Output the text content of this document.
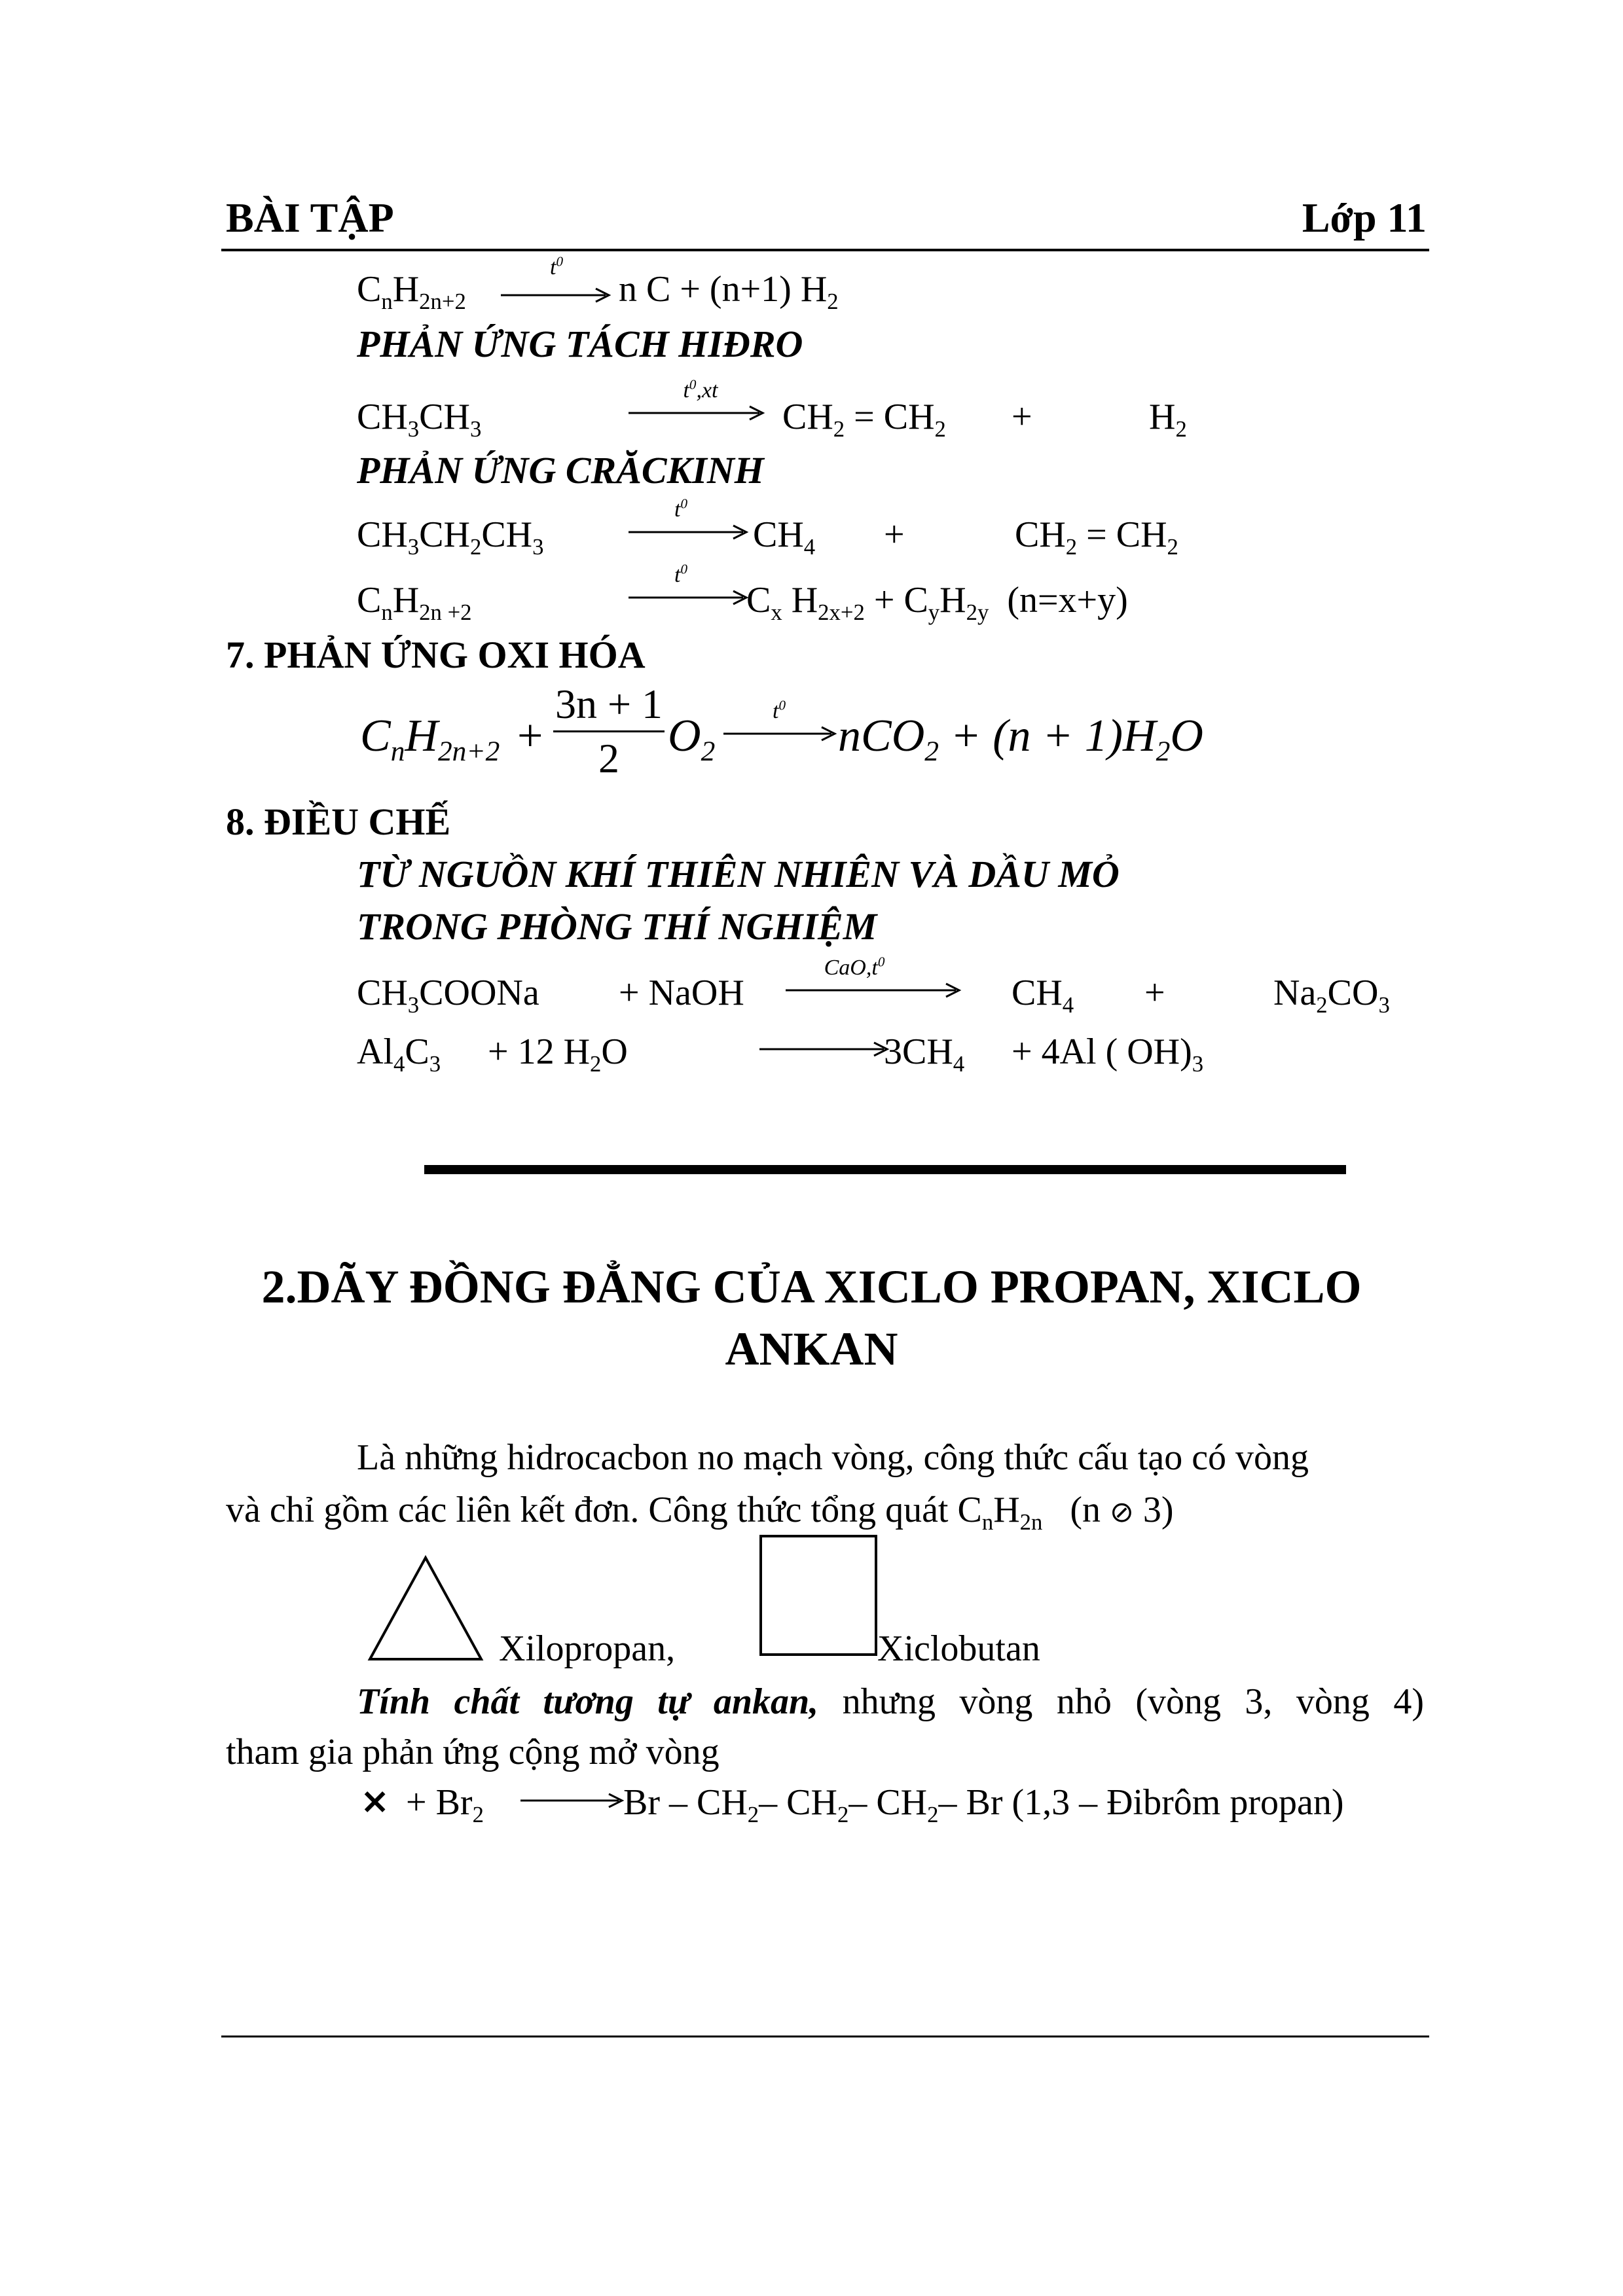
BÀI TẬP	Lớp 11
$C_nH_{2n+2}$
$t^0$
n C + (n+1) $H_2$
PHẢN ỨNG TÁCH HIĐRO
$CH_3CH_3$
$t^0,xt$
$CH_2 = CH_2$ +	$H_2$
PHẢN ỨNG CRĂCKINH
$CH_3CH_2CH_3$
$t^0$
$CH_4$ +	$CH_2 = CH_2$
$C_nH_{2n +2}$
$t^0$
$C_x$ $H_{2x+2} + C_yH_{2y}$ (n=x+y)
7. PHẢN ỨNG OXI HÓA
$C_nH_{2n+2}$ +
3n + 1
2	$O_2$
$t^0$
$nCO_2 + (n + 1)H_2O$
8. ĐIỀU CHẾ
TỪ NGUỒN KHÍ THIÊN NHIÊN VÀ DẦU MỎ
TRONG PHÒNG THÍ NGHIỆM
$CH_3COONa$ + NaOH
$CaO,t^0$
$CH_4$ +	$Na_2CO_3$
$Al_4C_3 + 12$ $H_2O$	$3CH_4 + 4Al$ ( $OH)_3$
2.DÃY ĐỒNG ĐẲNG CỦA XICLO PROPAN, XICLO
ANKAN
Là những hidrocacbon no mạch vòng, công thức cấu tạo có vòng
và chỉ gồm các liên kết đơn. Công thức tổng quát $C_nH_{2n}$ (n ⊘ 3)
Xilopropan,	Xiclobutan
Tính chất tương tự ankan, nhưng vòng nhỏ (vòng 3, vòng 4)
tham gia phản ứng cộng mở vòng
× + $Br_2$	Br – $CH_2-$ $CH_2-$ $CH_2-$ Br (1,3 – Đibrôm propan)
